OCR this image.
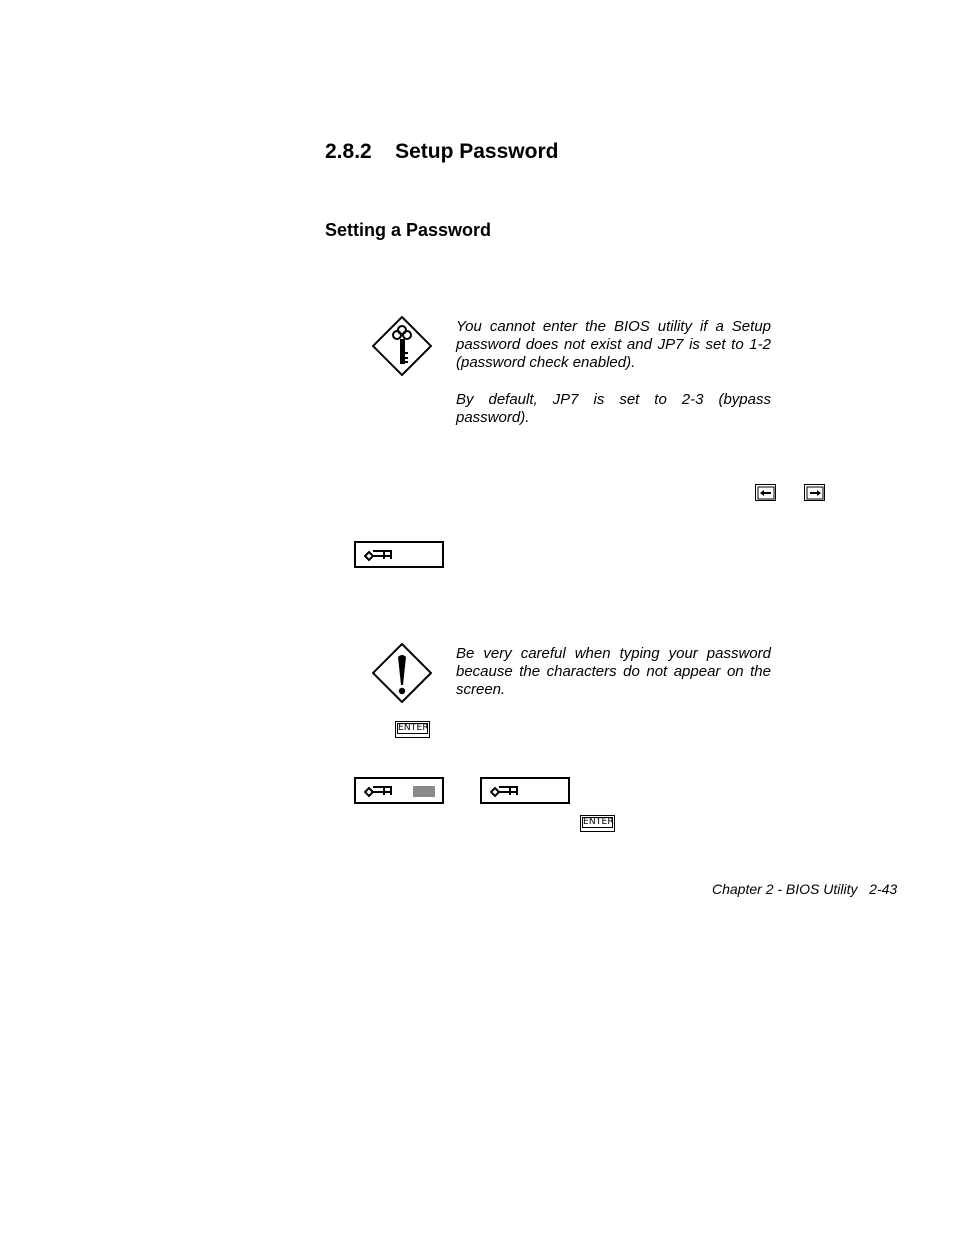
2.8.2 Setup Password
Setting a Password

You cannot enter the BIOS utility if a Setup password does not exist and JP7 is set to 1-2 (password check enabled).

By default, JP7 is set to 2-3 (bypass password).

Be very careful when typing your password because the characters do not appear on the screen.

ENTER
ENTER
Chapter 2 - BIOS Utility 2-43
